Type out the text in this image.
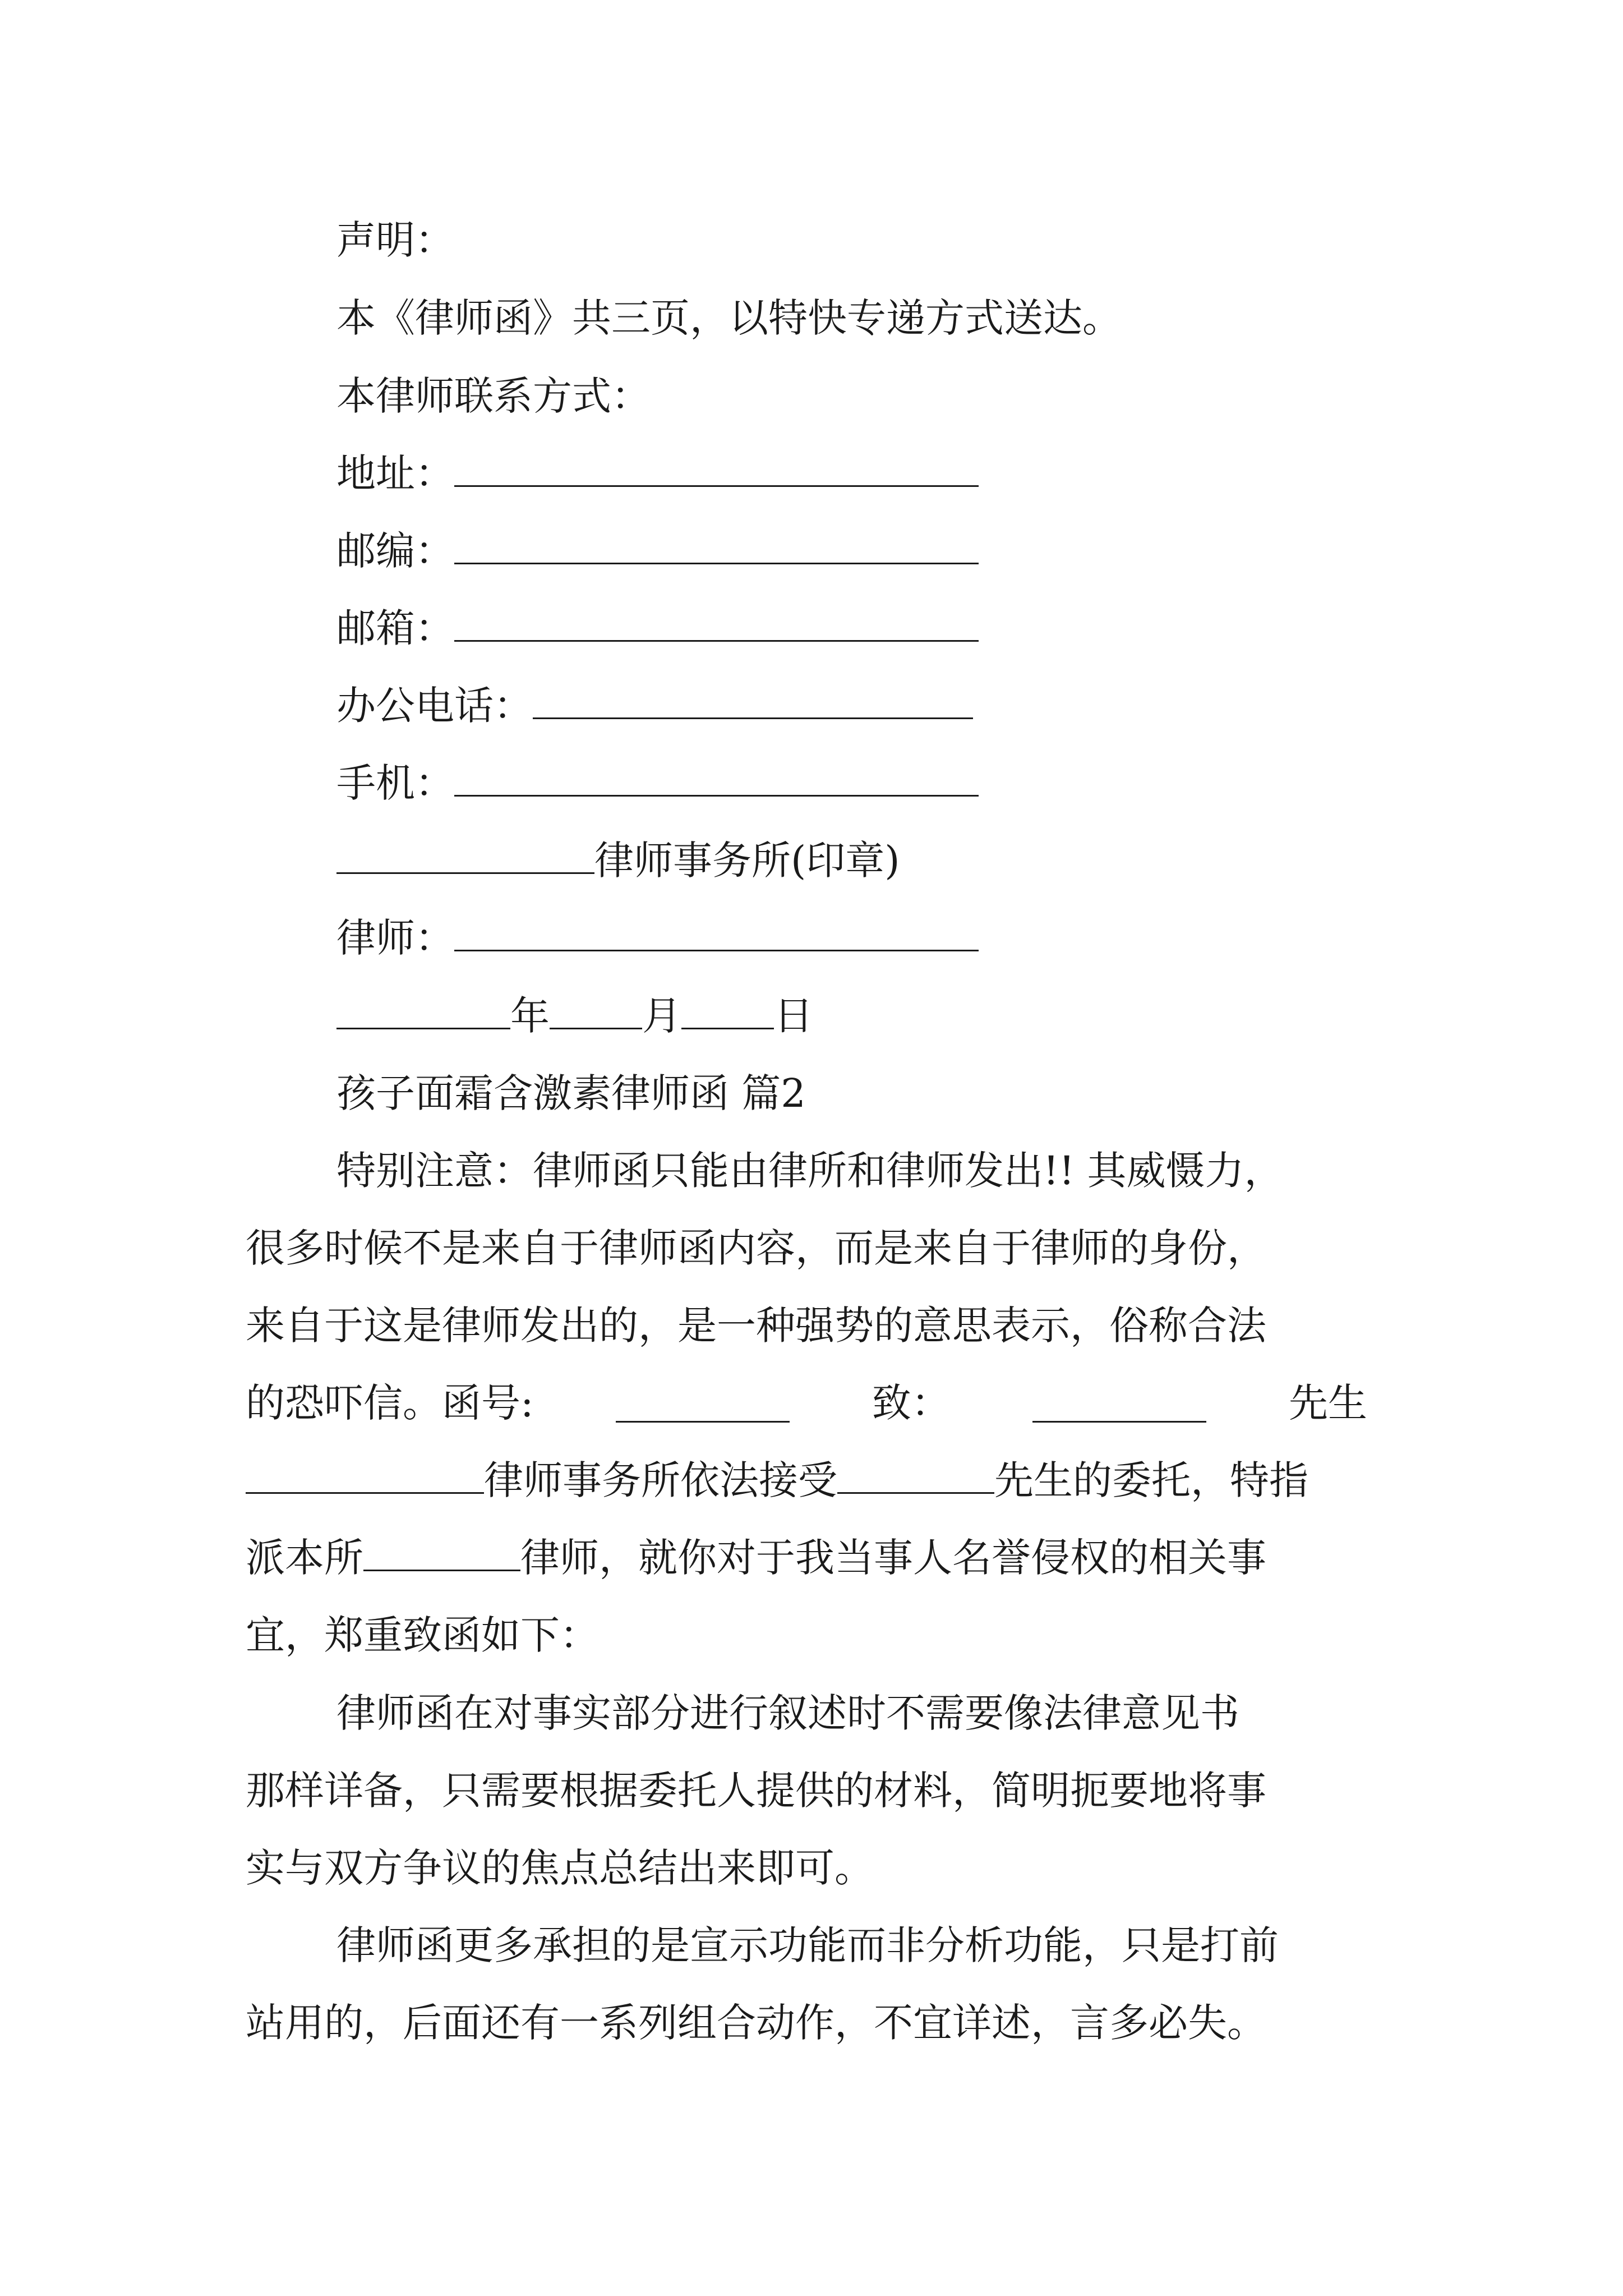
声明：
本《律师函》共三页，以特快专递方式送达。
本律师联系方式：
地址：
邮编：
邮箱：
办公电话：
手机：
律师事务所(印章)
律师：
年 月 日
孩子面霜含激素律师函 篇2
特别注意：律师函只能由律所和律师发出!! 其威慑力，
很多时候不是来自于律师函内容，而是来自于律师的身份，
来自于这是律师发出的，是一种强势的意思表示，俗称合法
的恐吓信。函号:	致：	先生
律师事务所依法接受	先生的委托，特指
派本所	律师，就你对于我当事人名誉侵权的相关事
宜，郑重致函如下：
律师函在对事实部分进行叙述时不需要像法律意见书
那样详备，只需要根据委托人提供的材料，简明扼要地将事
实与双方争议的焦点总结出来即可。
律师函更多承担的是宣示功能而非分析功能，只是打前
站用的，后面还有一系列组合动作，不宜详述，言多必失。
